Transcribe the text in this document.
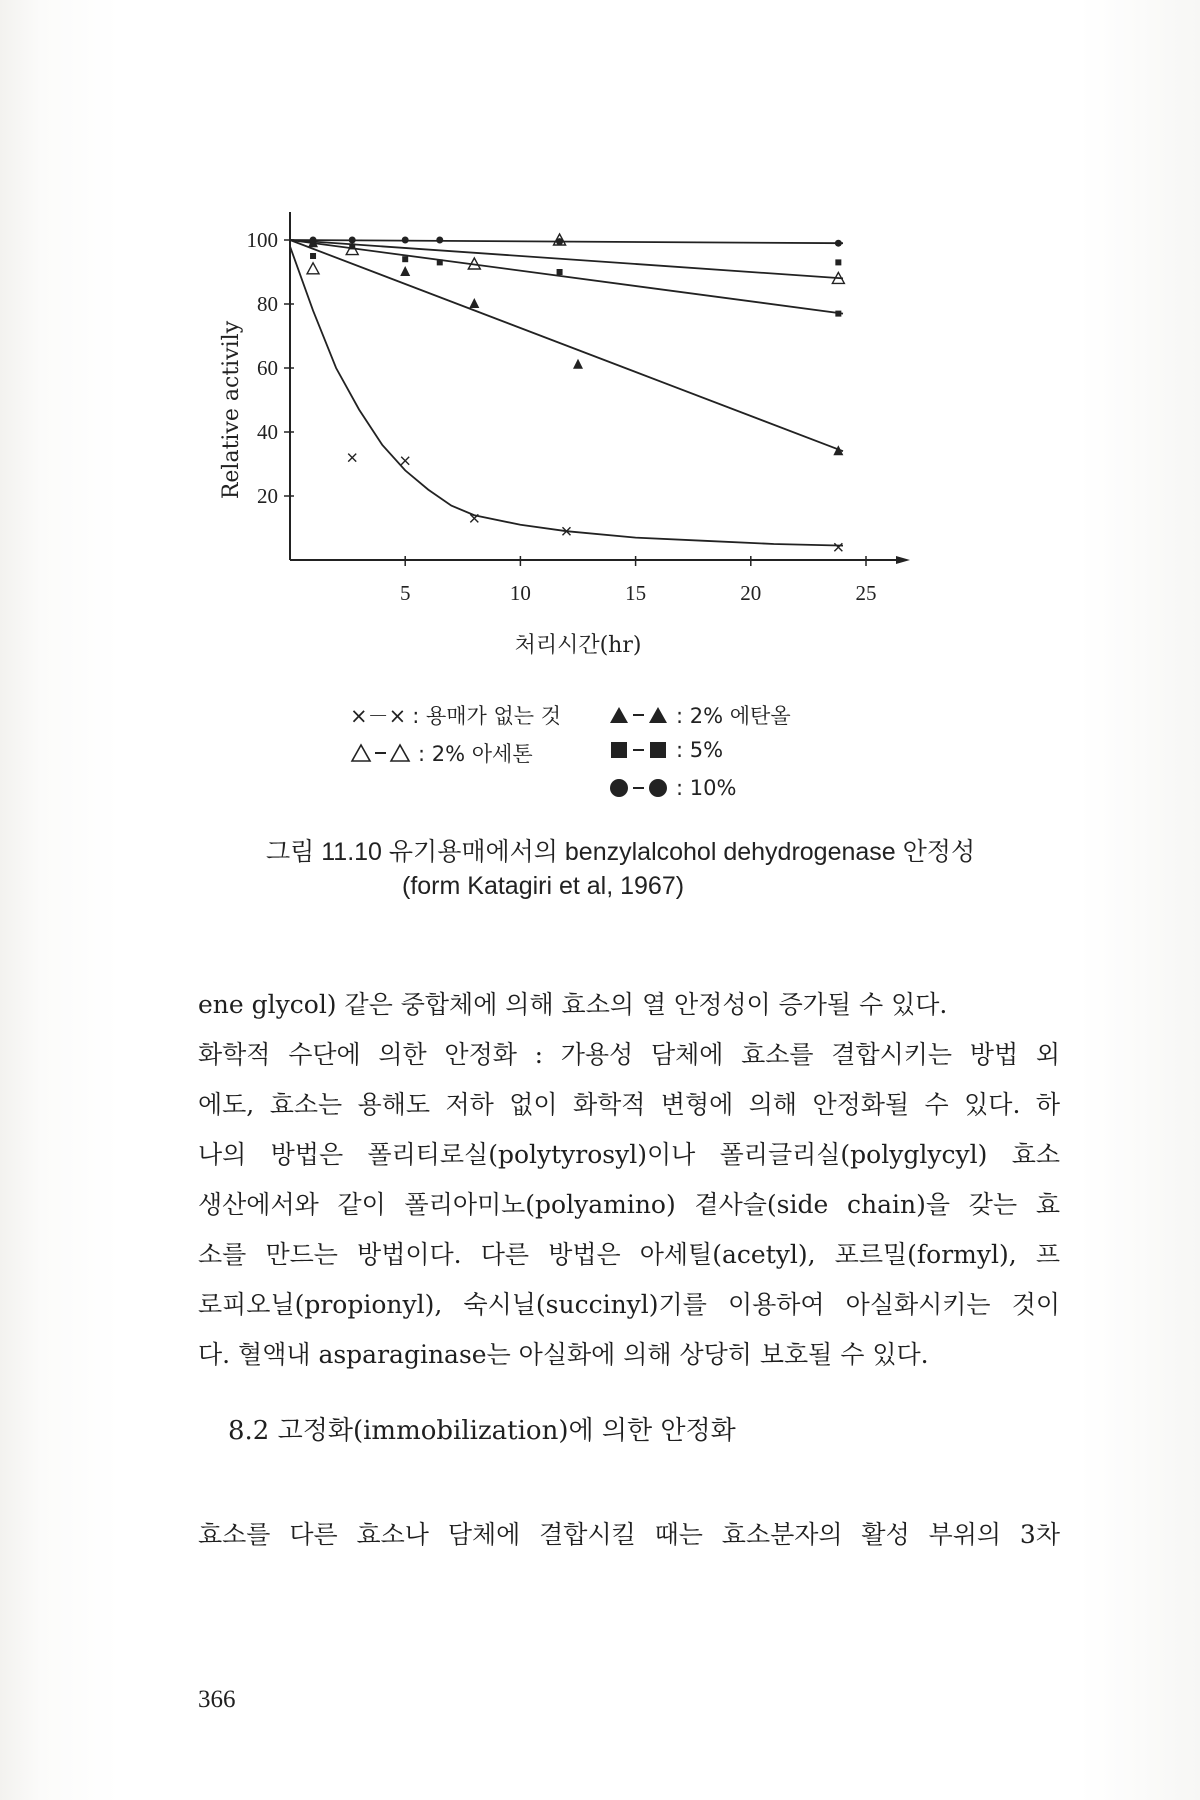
20
40
60
80
100
5	10	15	20	25
Relative activily
처리시간(hr)
×－× : 용매가 없는 것	: 2% 에탄올
: 2% 아세톤	: 5%
: 10%
그림 11.10 유기용매에서의 benzylalcohol dehydrogenase 안정성
(form Katagiri et al, 1967)
ene glycol) 같은 중합체에 의해 효소의 열 안정성이 증가될 수 있다.
화학적 수단에 의한 안정화 : 가용성 담체에 효소를 결합시키는 방법 외
에도, 효소는 용해도 저하 없이 화학적 변형에 의해 안정화될 수 있다. 하
나의 방법은 폴리티로실(polytyrosyl)이나 폴리글리실(polyglycyl) 효소
생산에서와 같이 폴리아미노(polyamino) 곁사슬(side chain)을 갖는 효
소를 만드는 방법이다. 다른 방법은 아세틸(acetyl), 포르밀(formyl), 프
로피오닐(propionyl), 숙시닐(succinyl)기를 이용하여 아실화시키는 것이
다. 혈액내 asparaginase는 아실화에 의해 상당히 보호될 수 있다.
8.2 고정화(immobilization)에 의한 안정화
효소를 다른 효소나 담체에 결합시킬 때는 효소분자의 활성 부위의 3차
366
